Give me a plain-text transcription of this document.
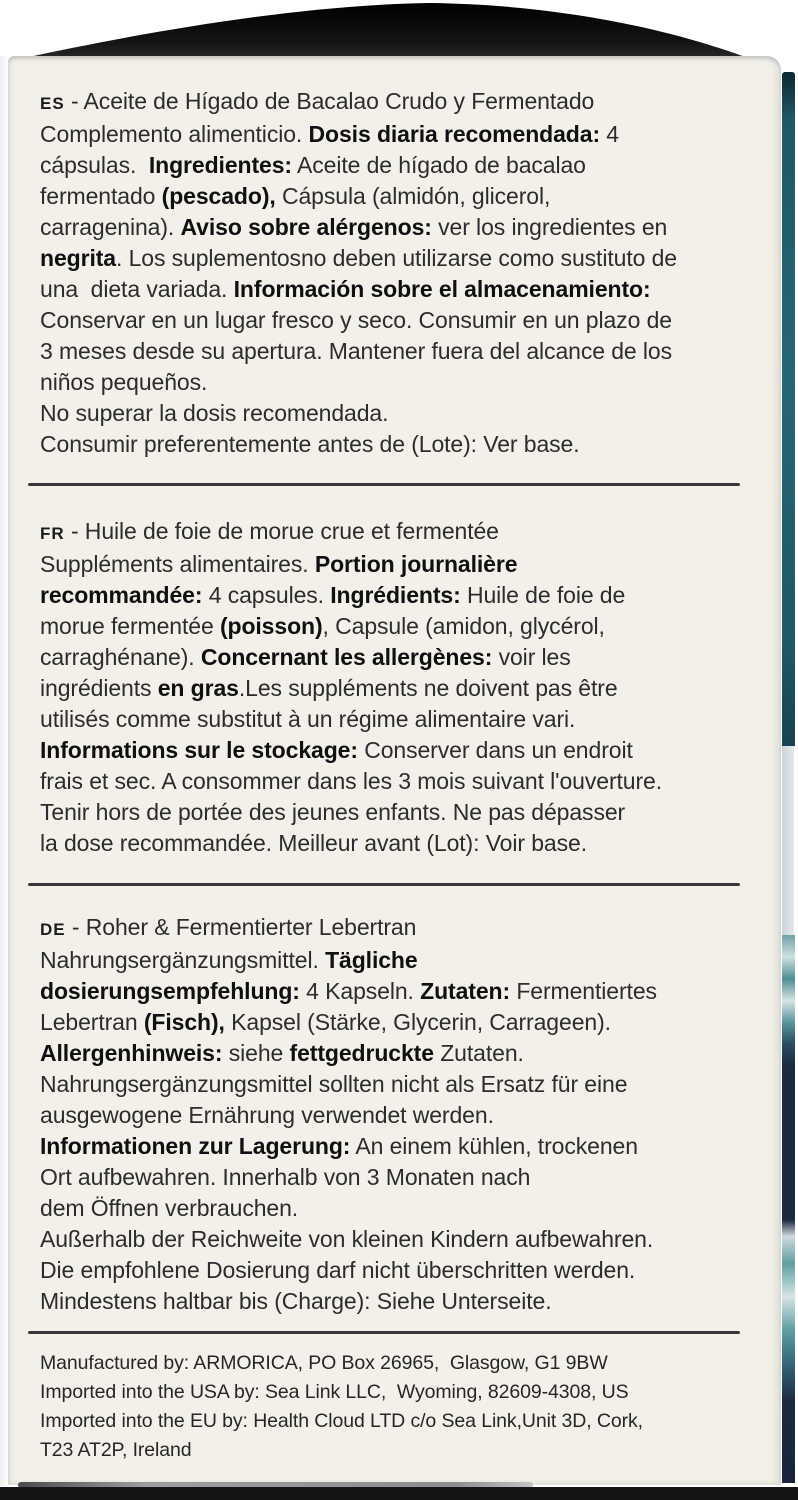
ES - Aceite de Hígado de Bacalao Crudo y Fermentado
Complemento alimenticio. Dosis diaria recomendada: 4
cápsulas.  Ingredientes: Aceite de hígado de bacalao
fermentado (pescado), Cápsula (almidón, glicerol,
carragenina). Aviso sobre alérgenos: ver los ingredientes en
negrita. Los suplementosno deben utilizarse como sustituto de
una  dieta variada. Información sobre el almacenamiento:
Conservar en un lugar fresco y seco. Consumir en un plazo de
3 meses desde su apertura. Mantener fuera del alcance de los
niños pequeños.
No superar la dosis recomendada.
Consumir preferentemente antes de (Lote): Ver base.
FR - Huile de foie de morue crue et fermentée
Suppléments alimentaires. Portion journalière
recommandée: 4 capsules. Ingrédients: Huile de foie de
morue fermentée (poisson), Capsule (amidon, glycérol,
carraghénane). Concernant les allergènes: voir les
ingrédients en gras.Les suppléments ne doivent pas être
utilisés comme substitut à un régime alimentaire vari.
Informations sur le stockage: Conserver dans un endroit
frais et sec. A consommer dans les 3 mois suivant l'ouverture.
Tenir hors de portée des jeunes enfants. Ne pas dépasser
la dose recommandée. Meilleur avant (Lot): Voir base.
DE - Roher & Fermentierter Lebertran
Nahrungsergänzungsmittel. Tägliche
dosierungsempfehlung: 4 Kapseln. Zutaten: Fermentiertes
Lebertran (Fisch), Kapsel (Stärke, Glycerin, Carrageen).
Allergenhinweis: siehe fettgedruckte Zutaten.
Nahrungsergänzungsmittel sollten nicht als Ersatz für eine
ausgewogene Ernährung verwendet werden.
Informationen zur Lagerung: An einem kühlen, trockenen
Ort aufbewahren. Innerhalb von 3 Monaten nach
dem Öffnen verbrauchen.
Außerhalb der Reichweite von kleinen Kindern aufbewahren.
Die empfohlene Dosierung darf nicht überschritten werden.
Mindestens haltbar bis (Charge): Siehe Unterseite.
Manufactured by: ARMORICA, PO Box 26965,  Glasgow, G1 9BW
Imported into the USA by: Sea Link LLC,  Wyoming, 82609-4308, US
Imported into the EU by: Health Cloud LTD c/o Sea Link,Unit 3D, Cork,
T23 AT2P, Ireland
